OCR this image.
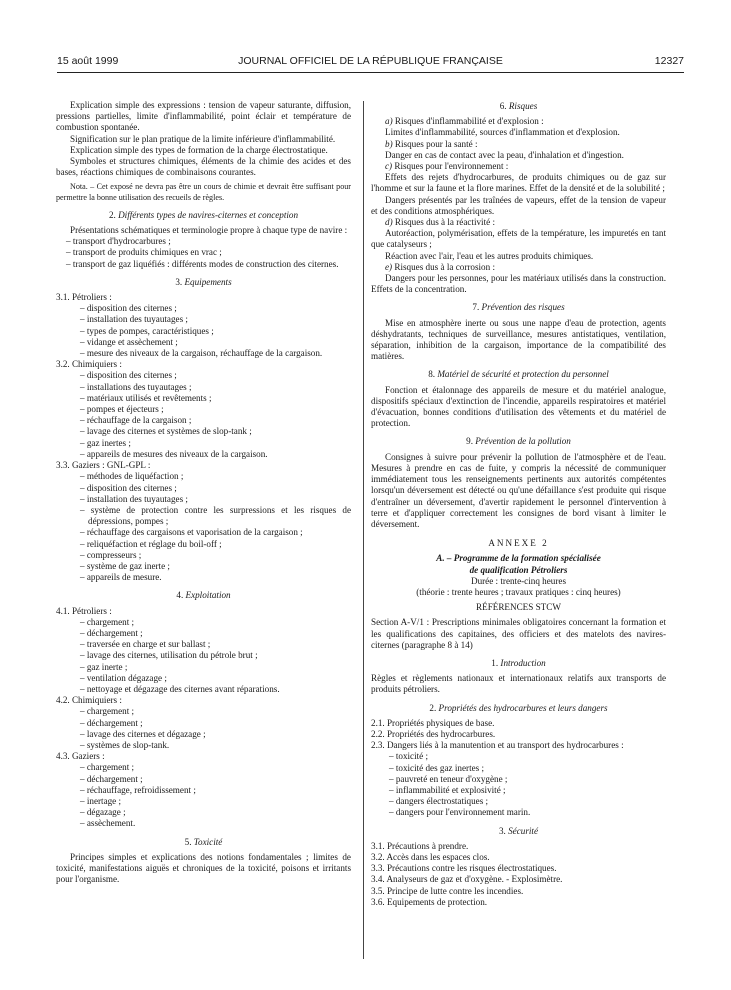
15 août 1999	JOURNAL OFFICIEL DE LA RÉPUBLIQUE FRANÇAISE	12327

Explication simple des expressions : tension de vapeur saturante, diffusion, pressions partielles, limite d'inflammabilité, point éclair et température de combustion spontanée.

Signification sur le plan pratique de la limite inférieure d'inflammabilité.

Explication simple des types de formation de la charge électrostatique.

Symboles et structures chimiques, éléments de la chimie des acides et des bases, réactions chimiques de combinaisons courantes.

Nota. – Cet exposé ne devra pas être un cours de chimie et devrait être suffisant pour permettre la bonne utilisation des recueils de règles.

2. Différents types de navires-citernes et conception

Présentations schématiques et terminologie propre à chaque type de navire :

– transport d'hydrocarbures ;

– transport de produits chimiques en vrac ;

– transport de gaz liquéfiés : différents modes de construction des citernes.

3. Equipements

3.1. Pétroliers :

– disposition des citernes ;

– installation des tuyautages ;

– types de pompes, caractéristiques ;

– vidange et assèchement ;

– mesure des niveaux de la cargaison, réchauffage de la cargaison.

3.2. Chimiquiers :

– disposition des citernes ;

– installations des tuyautages ;

– matériaux utilisés et revêtements ;

– pompes et éjecteurs ;

– réchauffage de la cargaison ;

– lavage des citernes et systèmes de slop-tank ;

– gaz inertes ;

– appareils de mesures des niveaux de la cargaison.

3.3. Gaziers : GNL-GPL :

– méthodes de liquéfaction ;

– disposition des citernes ;

– installation des tuyautages ;

– système de protection contre les surpressions et les risques de dépressions, pompes ;

– réchauffage des cargaisons et vaporisation de la cargaison ;

– reliquéfaction et réglage du boil-off ;

– compresseurs ;

– système de gaz inerte ;

– appareils de mesure.

4. Exploitation

4.1. Pétroliers :

– chargement ;

– déchargement ;

– traversée en charge et sur ballast ;

– lavage des citernes, utilisation du pétrole brut ;

– gaz inerte ;

– ventilation dégazage ;

– nettoyage et dégazage des citernes avant réparations.

4.2. Chimiquiers :

– chargement ;

– déchargement ;

– lavage des citernes et dégazage ;

– systèmes de slop-tank.

4.3. Gaziers :

– chargement ;

– déchargement ;

– réchauffage, refroidissement ;

– inertage ;

– dégazage ;

– assèchement.

5. Toxicité

Principes simples et explications des notions fondamentales ; limites de toxicité, manifestations aiguës et chroniques de la toxicité, poisons et irritants pour l'organisme.

6. Risques

a) Risques d'inflammabilité et d'explosion :

Limites d'inflammabilité, sources d'inflammation et d'explosion.

b) Risques pour la santé :

Danger en cas de contact avec la peau, d'inhalation et d'ingestion.

c) Risques pour l'environnement :

Effets des rejets d'hydrocarbures, de produits chimiques ou de gaz sur l'homme et sur la faune et la flore marines. Effet de la densité et de la solubilité ;

Dangers présentés par les traînées de vapeurs, effet de la tension de vapeur et des conditions atmosphériques.

d) Risques dus à la réactivité :

Autoréaction, polymérisation, effets de la température, les impuretés en tant que catalyseurs ;

Réaction avec l'air, l'eau et les autres produits chimiques.

e) Risques dus à la corrosion :

Dangers pour les personnes, pour les matériaux utilisés dans la construction. Effets de la concentration.

7. Prévention des risques

Mise en atmosphère inerte ou sous une nappe d'eau de protection, agents déshydratants, techniques de surveillance, mesures antistatiques, ventilation, séparation, inhibition de la cargaison, importance de la compatibilité des matières.

8. Matériel de sécurité et protection du personnel

Fonction et étalonnage des appareils de mesure et du matériel analogue, dispositifs spéciaux d'extinction de l'incendie, appareils respiratoires et matériel d'évacuation, bonnes conditions d'utilisation des vêtements et du matériel de protection.

9. Prévention de la pollution

Consignes à suivre pour prévenir la pollution de l'atmosphère et de l'eau. Mesures à prendre en cas de fuite, y compris la nécessité de communiquer immédiatement tous les renseignements pertinents aux autorités compétentes lorsqu'un déversement est détecté ou qu'une défaillance s'est produite qui risque d'entraîner un déversement, d'avertir rapidement le personnel d'intervention à terre et d'appliquer correctement les consignes de bord visant à limiter le déversement.

ANNEXE 2

A. – Programme de la formation spécialisée

de qualification Pétroliers

Durée : trente-cinq heures

(théorie : trente heures ; travaux pratiques : cinq heures)

RÉFÉRENCES STCW

Section A-V/1 : Prescriptions minimales obligatoires concernant la formation et les qualifications des capitaines, des officiers et des matelots des navires-citernes (paragraphe 8 à 14)

1. Introduction

Règles et règlements nationaux et internationaux relatifs aux transports de produits pétroliers.

2. Propriétés des hydrocarbures et leurs dangers

2.1. Propriétés physiques de base.

2.2. Propriétés des hydrocarbures.

2.3. Dangers liés à la manutention et au transport des hydrocarbures :

– toxicité ;

– toxicité des gaz inertes ;

– pauvreté en teneur d'oxygène ;

– inflammabilité et explosivité ;

– dangers électrostatiques ;

– dangers pour l'environnement marin.

3. Sécurité

3.1. Précautions à prendre.

3.2. Accès dans les espaces clos.

3.3. Précautions contre les risques électrostatiques.

3.4. Analyseurs de gaz et d'oxygène. - Explosimètre.

3.5. Principe de lutte contre les incendies.

3.6. Equipements de protection.
